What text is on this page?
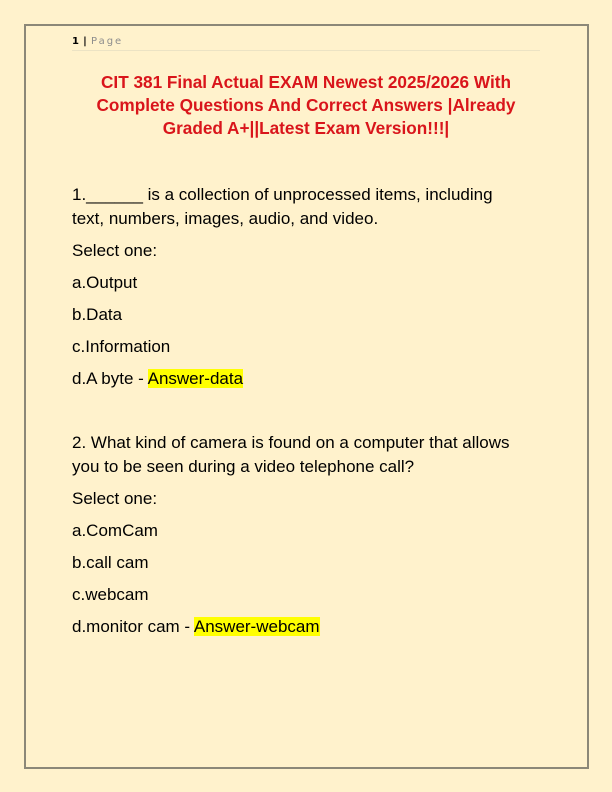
1 | Page
CIT 381 Final Actual EXAM Newest 2025/2026 With
Complete Questions And Correct Answers |Already
Graded A+||Latest Exam Version!!!|
1.______ is a collection of unprocessed items, including
text, numbers, images, audio, and video.
Select one:
a.Output
b.Data
c.Information
d.A byte - Answer-data
2. What kind of camera is found on a computer that allows
you to be seen during a video telephone call?
Select one:
a.ComCam
b.call cam
c.webcam
d.monitor cam - Answer-webcam
